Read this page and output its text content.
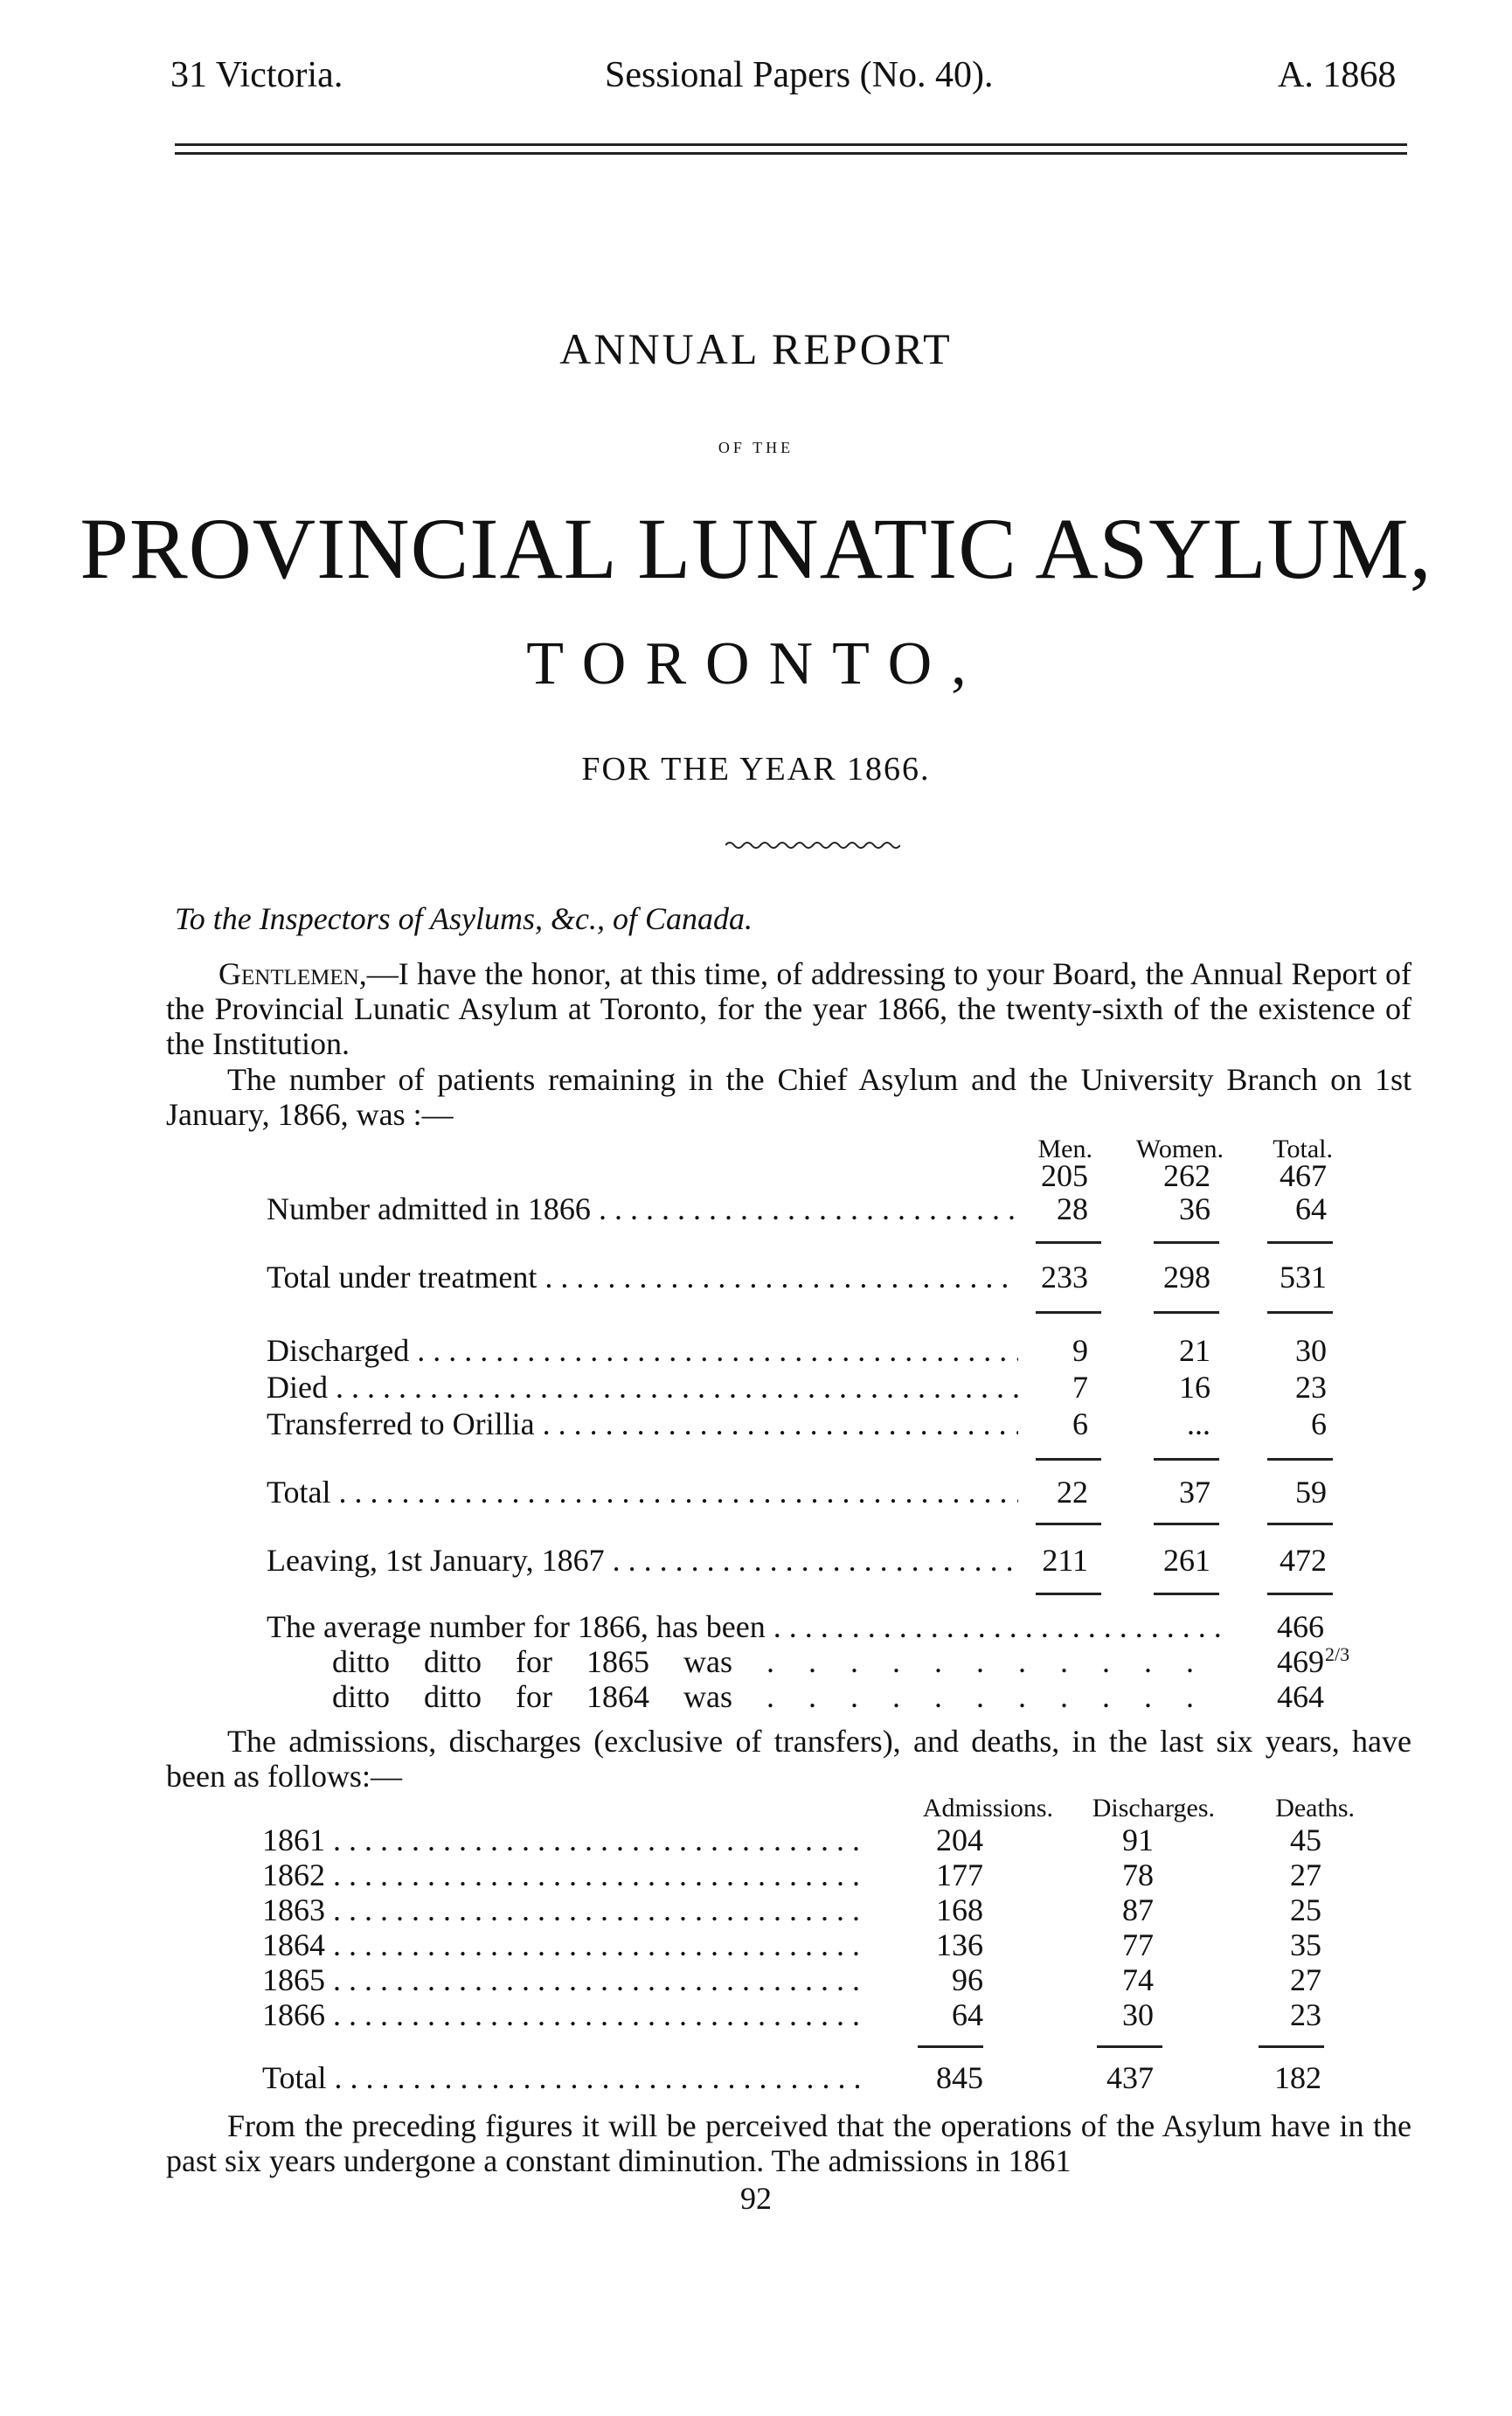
31 Victoria.	Sessional Papers (No. 40).	A. 1868
ANNUAL REPORT
OF THE
PROVINCIAL LUNATIC ASYLUM,
TORONTO,
FOR THE YEAR 1866.
To the Inspectors of Asylums, &c., of Canada.
Gentlemen,—I have the honor, at this time, of addressing to your Board, the Annual Report of the Provincial Lunatic Asylum at Toronto, for the year 1866, the twenty-sixth of the existence of the Institution.
The number of patients remaining in the Chief Asylum and the University Branch on 1st January, 1866, was :—
Men.	Women.	Total.
205	262	467
Number admitted in 1866 . . .	28	36	64
Total under treatment . . .	233	298	531
Discharged . . .	9	21	30
Died . . .	7	16	23
Transferred to Orillia . . .	6	...	6
Total . . .	22	37	59
Leaving, 1st January, 1867 . . .	211	261	472
The average number for 1866, has been . . .	466
ditto ditto for 1865 was . . .	469 2/3
ditto ditto for 1864 was . . .	464
The admissions, discharges (exclusive of transfers), and deaths, in the last six years, have been as follows:—
Admissions.	Discharges.	Deaths.
1861 . . .	204	91	45
1862 . . .	177	78	27
1863 . . .	168	87	25
1864 . . .	136	77	35
1865 . . .	96	74	27
1866 . . .	64	30	23
Total . . .	845	437	182
From the preceding figures it will be perceived that the operations of the Asylum have in the past six years undergone a constant diminution. The admissions in 1861
92
